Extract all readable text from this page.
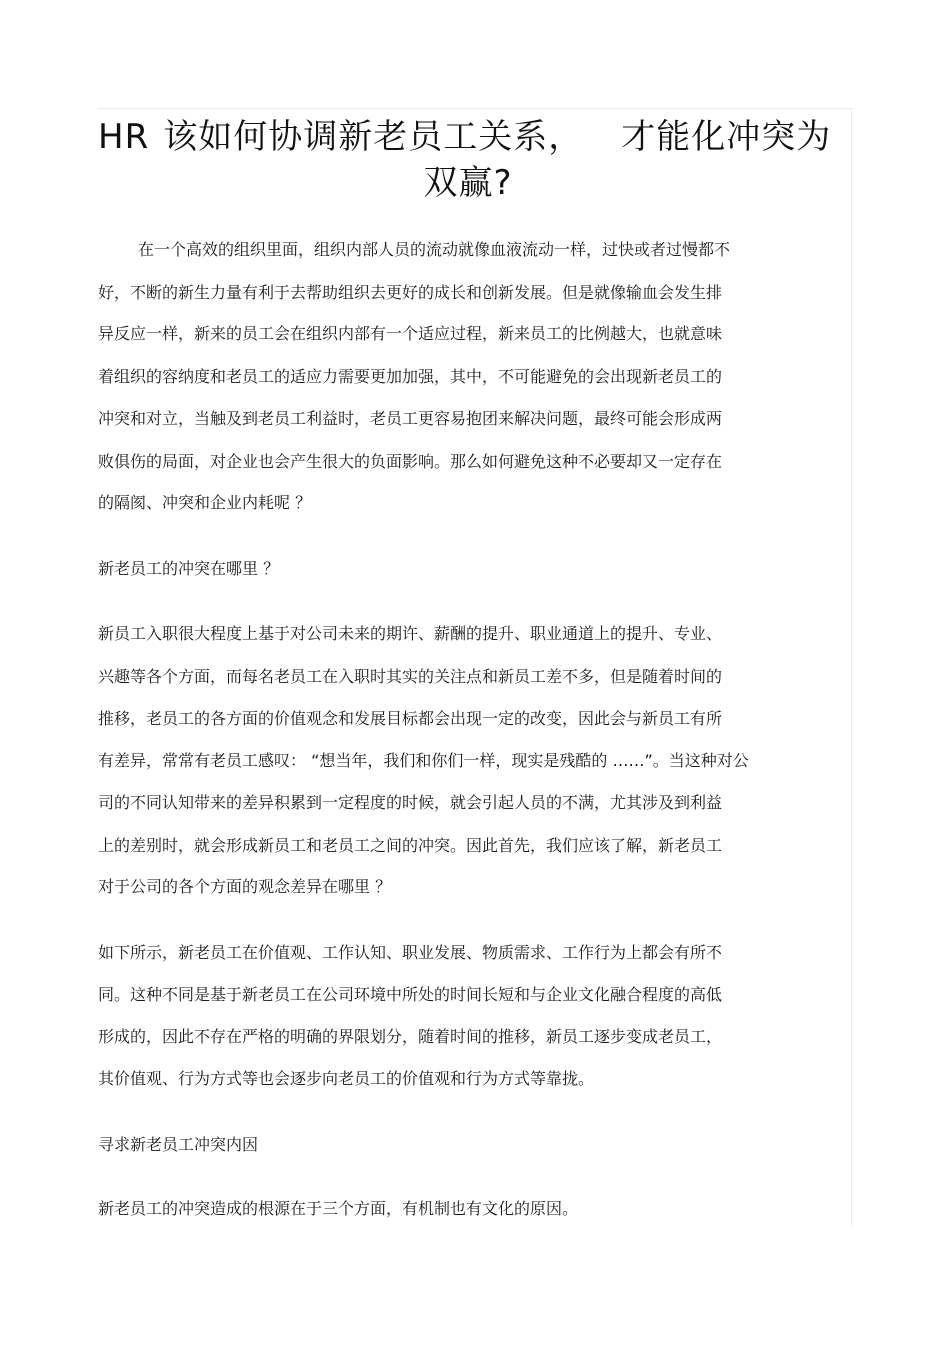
HR 该如何协调新老员工关系， 才能化冲突为
双赢?

在一个高效的组织里面，组织内部人员的流动就像血液流动一样，过快或者过慢都不

好，不断的新生力量有利于去帮助组织去更好的成长和创新发展。但是就像输血会发生排

异反应一样，新来的员工会在组织内部有一个适应过程，新来员工的比例越大，也就意味

着组织的容纳度和老员工的适应力需要更加加强，其中，不可能避免的会出现新老员工的

冲突和对立，当触及到老员工利益时，老员工更容易抱团来解决问题，最终可能会形成两

败俱伤的局面，对企业也会产生很大的负面影响。那么如何避免这种不必要却又一定存在

的隔阂、冲突和企业内耗呢 ？

新老员工的冲突在哪里 ？

新员工入职很大程度上基于对公司未来的期许、薪酬的提升、职业通道上的提升、专业、

兴趣等各个方面，而每名老员工在入职时其实的关注点和新员工差不多，但是随着时间的

推移，老员工的各方面的价值观念和发展目标都会出现一定的改变，因此会与新员工有所

有差异，常常有老员工感叹： “想当年，我们和你们一样，现实是残酷的 ……”。当这种对公

司的不同认知带来的差异积累到一定程度的时候，就会引起人员的不满，尤其涉及到利益

上的差别时，就会形成新员工和老员工之间的冲突。因此首先，我们应该了解，新老员工

对于公司的各个方面的观念差异在哪里 ？

如下所示，新老员工在价值观、工作认知、职业发展、物质需求、工作行为上都会有所不

同。这种不同是基于新老员工在公司环境中所处的时间长短和与企业文化融合程度的高低

形成的，因此不存在严格的明确的界限划分，随着时间的推移，新员工逐步变成老员工，

其价值观、行为方式等也会逐步向老员工的价值观和行为方式等靠拢。

寻求新老员工冲突内因

新老员工的冲突造成的根源在于三个方面，有机制也有文化的原因。
